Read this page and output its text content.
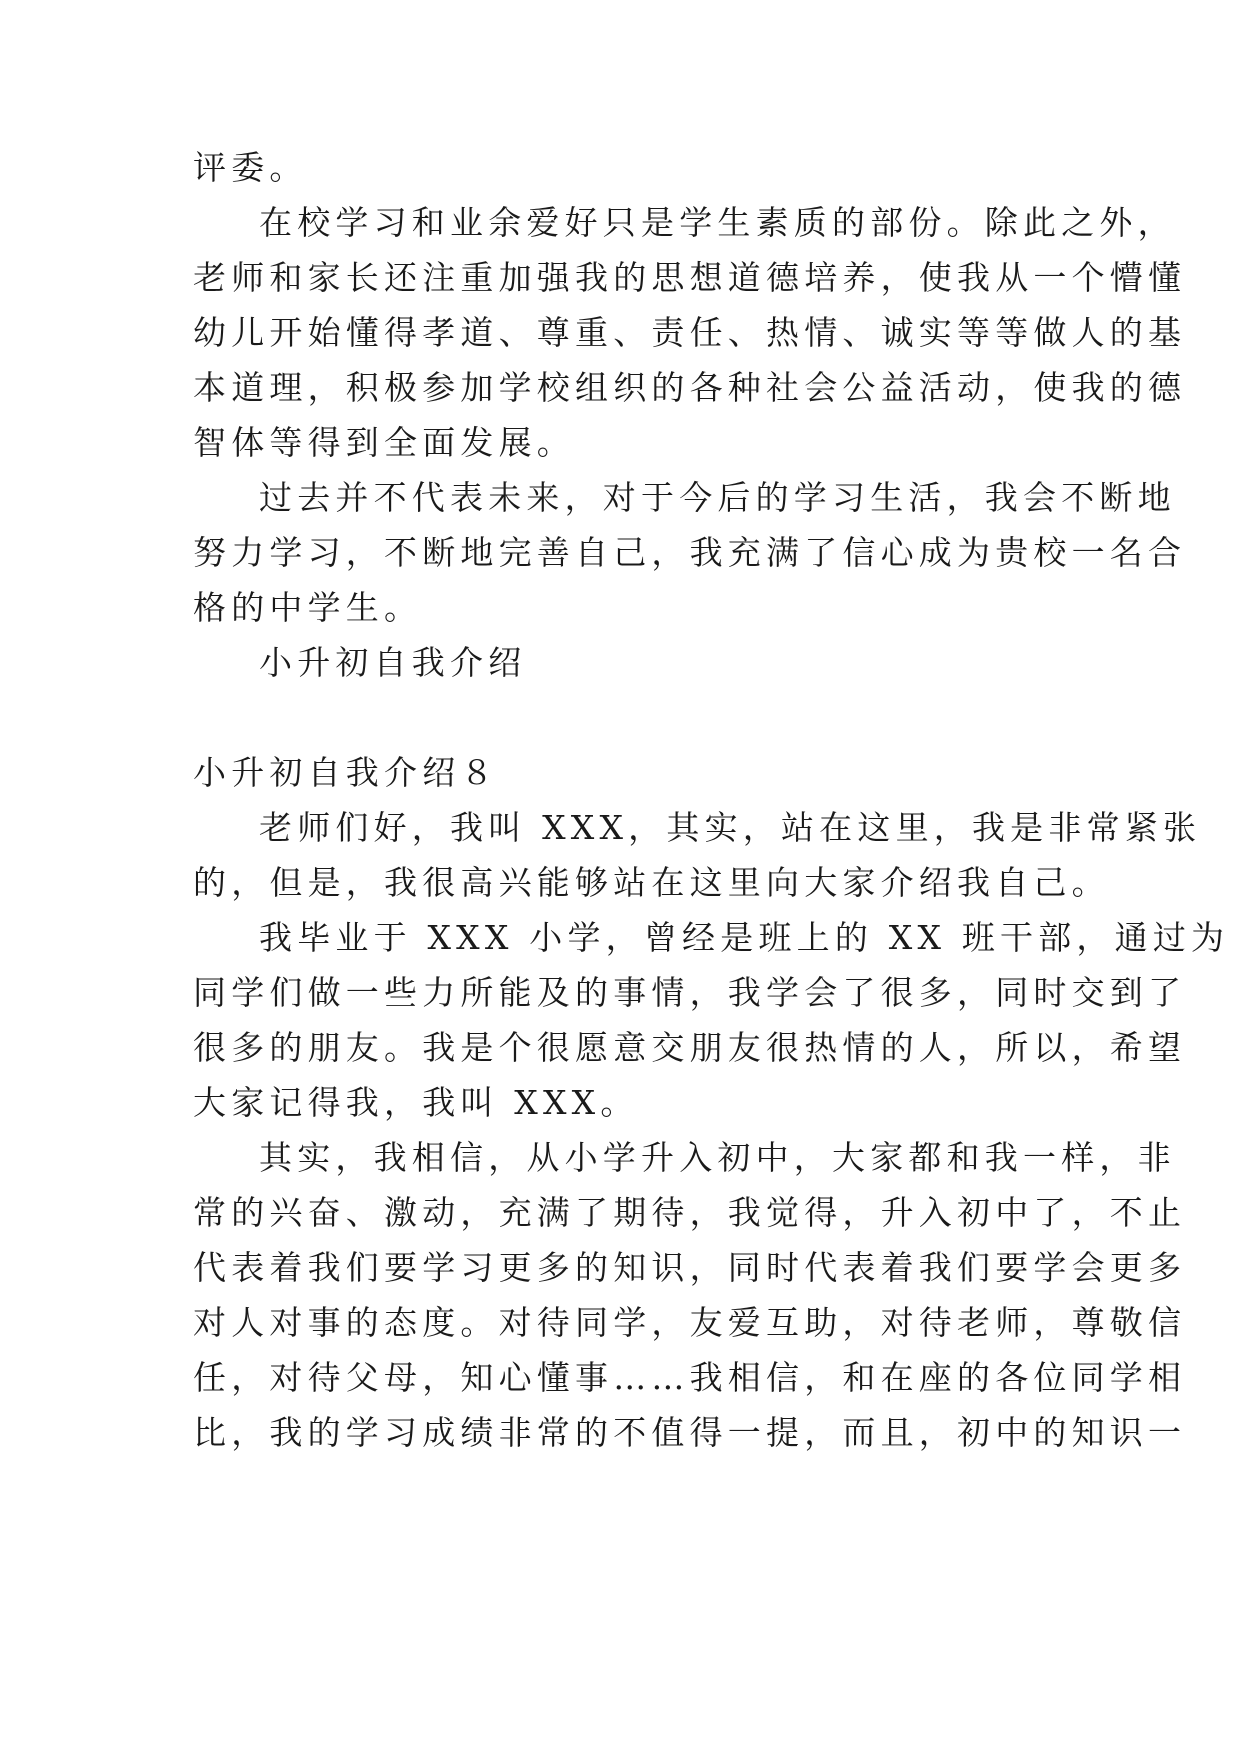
评委。
在校学习和业余爱好只是学生素质的部份。除此之外，
老师和家长还注重加强我的思想道德培养，使我从一个懵懂
幼儿开始懂得孝道、尊重、责任、热情、诚实等等做人的基
本道理，积极参加学校组织的各种社会公益活动，使我的德
智体等得到全面发展。
过去并不代表未来，对于今后的学习生活，我会不断地
努力学习，不断地完善自己，我充满了信心成为贵校一名合
格的中学生。
小升初自我介绍
小升初自我介绍８
老师们好，我叫 XXX，其实，站在这里，我是非常紧张
的，但是，我很高兴能够站在这里向大家介绍我自己。
我毕业于 XXX 小学，曾经是班上的 XX 班干部，通过为
同学们做一些力所能及的事情，我学会了很多，同时交到了
很多的朋友。我是个很愿意交朋友很热情的人，所以，希望
大家记得我，我叫 XXX。
其实，我相信，从小学升入初中，大家都和我一样，非
常的兴奋、激动，充满了期待，我觉得，升入初中了，不止
代表着我们要学习更多的知识，同时代表着我们要学会更多
对人对事的态度。对待同学，友爱互助，对待老师，尊敬信
任，对待父母，知心懂事……我相信，和在座的各位同学相
比，我的学习成绩非常的不值得一提，而且，初中的知识一
